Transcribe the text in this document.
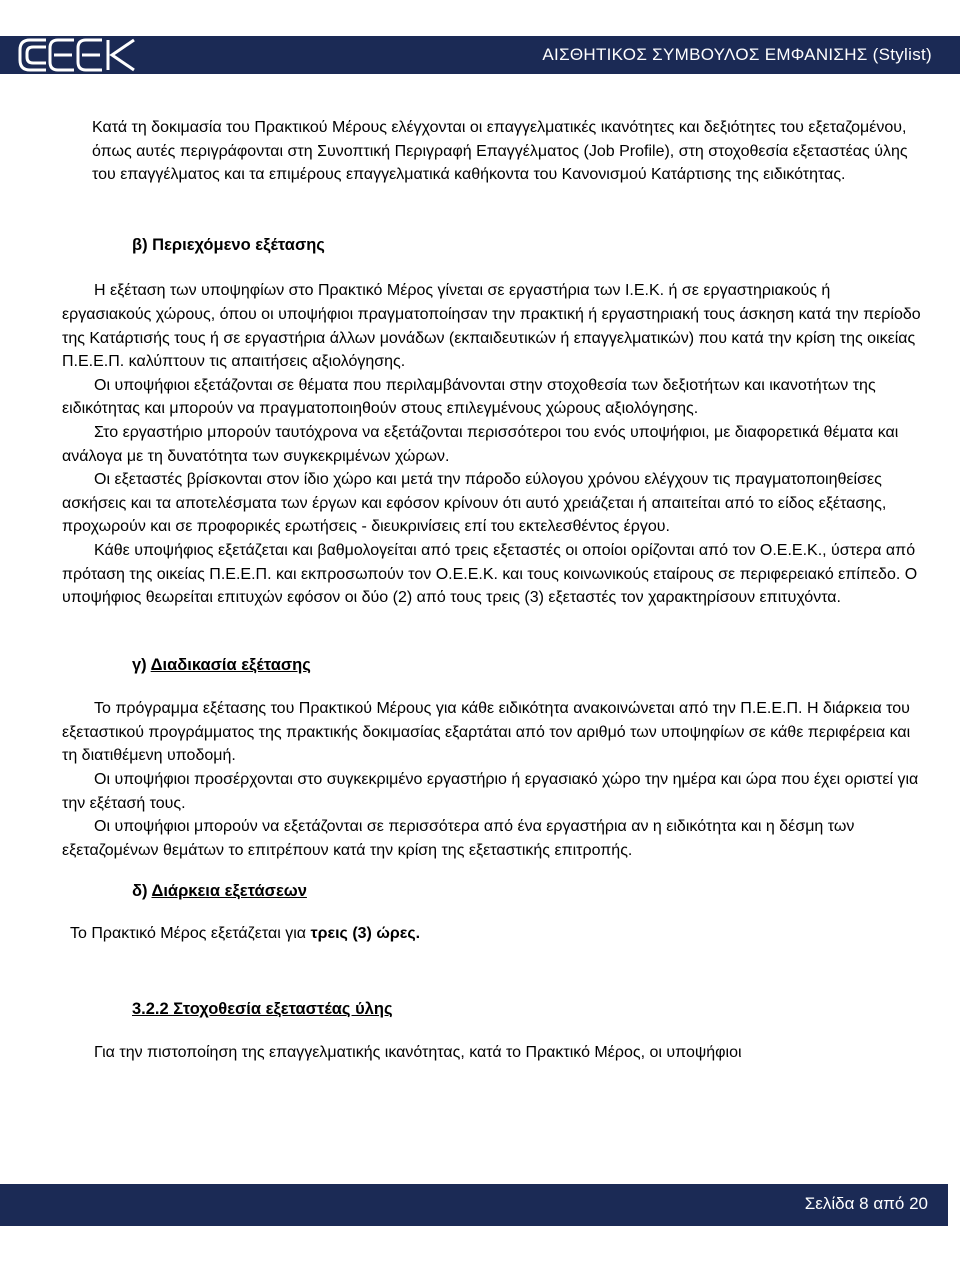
ΑΙΣΘΗΤΙΚΟΣ ΣΥΜΒΟΥΛΟΣ ΕΜΦΑΝΙΣΗΣ (Stylist)

Κατά τη δοκιμασία του Πρακτικού Μέρους ελέγχονται οι επαγγελματικές ικανότητες και δεξιότητες του εξεταζομένου, όπως αυτές περιγράφονται στη Συνοπτική Περιγραφή Επαγγέλματος (Job Profile), στη στοχοθεσία εξεταστέας ύλης του επαγγέλματος και τα επιμέρους επαγγελματικά καθήκοντα του Κανονισμού Κατάρτισης της ειδικότητας.

β) Περιεχόμενο εξέτασης

Η εξέταση των υποψηφίων στο Πρακτικό Μέρος γίνεται σε εργαστήρια των Ι.Ε.Κ. ή σε εργαστηριακούς ή εργασιακούς χώρους, όπου οι υποψήφιοι πραγματοποίησαν την πρακτική ή εργαστηριακή τους άσκηση κατά την περίοδο της Κατάρτισής τους ή σε εργαστήρια άλλων μονάδων (εκπαιδευτικών ή επαγγελματικών) που κατά την κρίση της οικείας Π.Ε.Ε.Π. καλύπτουν τις απαιτήσεις αξιολόγησης.

Οι υποψήφιοι εξετάζονται σε θέματα που περιλαμβάνονται στην στοχοθεσία των δεξιοτήτων και ικανοτήτων της ειδικότητας και μπορούν να πραγματοποιηθούν στους επιλεγμένους χώρους αξιολόγησης.

Στο εργαστήριο μπορούν ταυτόχρονα να εξετάζονται περισσότεροι του ενός υποψήφιοι, με διαφορετικά θέματα και ανάλογα με τη δυνατότητα των συγκεκριμένων χώρων.

Οι εξεταστές βρίσκονται στον ίδιο χώρο και μετά την πάροδο εύλογου χρόνου ελέγχουν τις πραγματοποιηθείσες ασκήσεις και τα αποτελέσματα των έργων και εφόσον κρίνουν ότι αυτό χρειάζεται ή απαιτείται από το είδος εξέτασης, προχωρούν και σε προφορικές ερωτήσεις - διευκρινίσεις επί του εκτελεσθέντος έργου.

Κάθε υποψήφιος εξετάζεται και βαθμολογείται από τρεις εξεταστές οι οποίοι ορίζονται από τον Ο.Ε.Ε.Κ., ύστερα από πρόταση της οικείας Π.Ε.Ε.Π. και εκπροσωπούν τον Ο.Ε.Ε.Κ. και τους κοινωνικούς εταίρους σε περιφερειακό επίπεδο. Ο υποψήφιος θεωρείται επιτυχών εφόσον οι δύο (2) από τους τρεις (3) εξεταστές τον χαρακτηρίσουν επιτυχόντα.

γ) Διαδικασία εξέτασης

Το πρόγραμμα εξέτασης του Πρακτικού Μέρους για κάθε ειδικότητα ανακοινώνεται από την Π.Ε.Ε.Π. Η διάρκεια του εξεταστικού προγράμματος της πρακτικής δοκιμασίας εξαρτάται από τον αριθμό των υποψηφίων σε κάθε περιφέρεια και τη διατιθέμενη υποδομή.

Οι υποψήφιοι προσέρχονται στο συγκεκριμένο εργαστήριο ή εργασιακό χώρο την ημέρα και ώρα που έχει οριστεί για την εξέτασή τους.

Οι υποψήφιοι μπορούν να εξετάζονται σε περισσότερα από ένα εργαστήρια αν η ειδικότητα και η δέσμη των εξεταζομένων θεμάτων το επιτρέπουν κατά την κρίση της εξεταστικής επιτροπής.

δ) Διάρκεια εξετάσεων

Το Πρακτικό Μέρος εξετάζεται για τρεις (3) ώρες.

3.2.2 Στοχοθεσία εξεταστέας ύλης

Για την πιστοποίηση της επαγγελματικής ικανότητας, κατά το Πρακτικό Μέρος, οι υποψήφιοι

Σελίδα 8 από 20
